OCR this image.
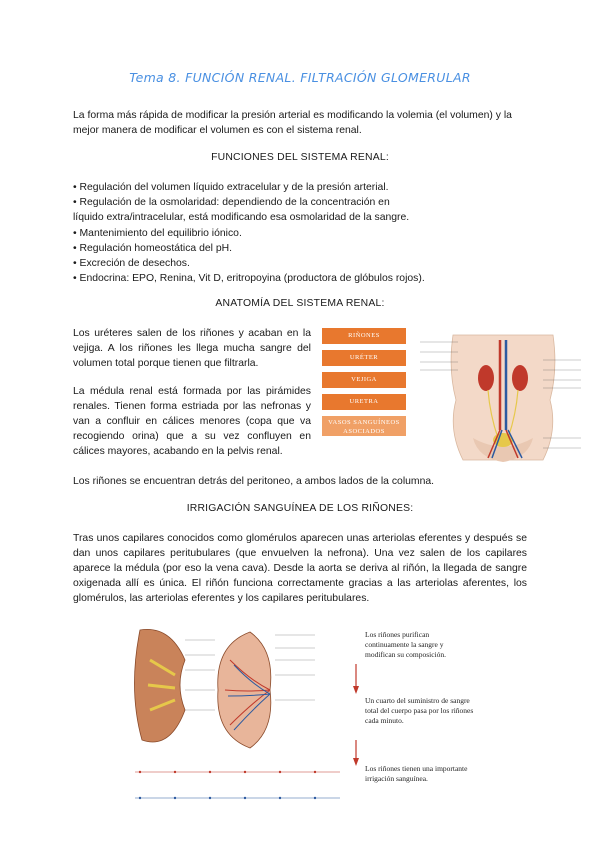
Tema 8. FUNCIÓN RENAL. FILTRACIÓN GLOMERULAR
La forma más rápida de modificar la presión arterial es modificando la volemia (el volumen) y la mejor manera de modificar el volumen es con el sistema renal.
FUNCIONES DEL SISTEMA RENAL:
• Regulación del volumen líquido extracelular y de la presión arterial.
• Regulación de la osmolaridad: dependiendo de la concentración en
líquido extra/intracelular, está modificando esa osmolaridad de la sangre.
• Mantenimiento del equilibrio iónico.
• Regulación homeostática del pH.
• Excreción de desechos.
• Endocrina: EPO, Renina, Vit D, eritropoyina (productora de glóbulos rojos).
ANATOMÍA DEL SISTEMA RENAL:
Los uréteres salen de los riñones y acaban en la vejiga. A los riñones les llega mucha sangre del volumen total porque tienen que filtrarla.
La médula renal está formada por las pirámides renales. Tienen forma estriada por las nefronas y van a confluir en cálices menores (copa que va recogiendo orina) que a su vez confluyen en cálices mayores, acabando en la pelvis renal.
RIÑONES
URÉTER
VEJIGA
URETRA
VASOS SANGUÍNEOS ASOCIADOS
Los riñones se encuentran detrás del peritoneo, a ambos lados de la columna.
IRRIGACIÓN SANGUÍNEA DE LOS RIÑONES:
Tras unos capilares conocidos como glomérulos aparecen unas arteriolas eferentes y después se dan unos capilares peritubulares (que envuelven la nefrona). Una vez salen de los capilares aparece la médula (por eso la vena cava). Desde la aorta se deriva al riñón, la llegada de sangre oxigenada allí es única. El riñón funciona correctamente gracias a las arteriolas aferentes, los glomérulos, las arteriolas eferentes y los capilares peritubulares.
Los riñones purifican continuamente la sangre y modifican su composición.
Un cuarto del suministro de sangre total del cuerpo pasa por los riñones cada minuto.
Los riñones tienen una importante irrigación sanguínea.
